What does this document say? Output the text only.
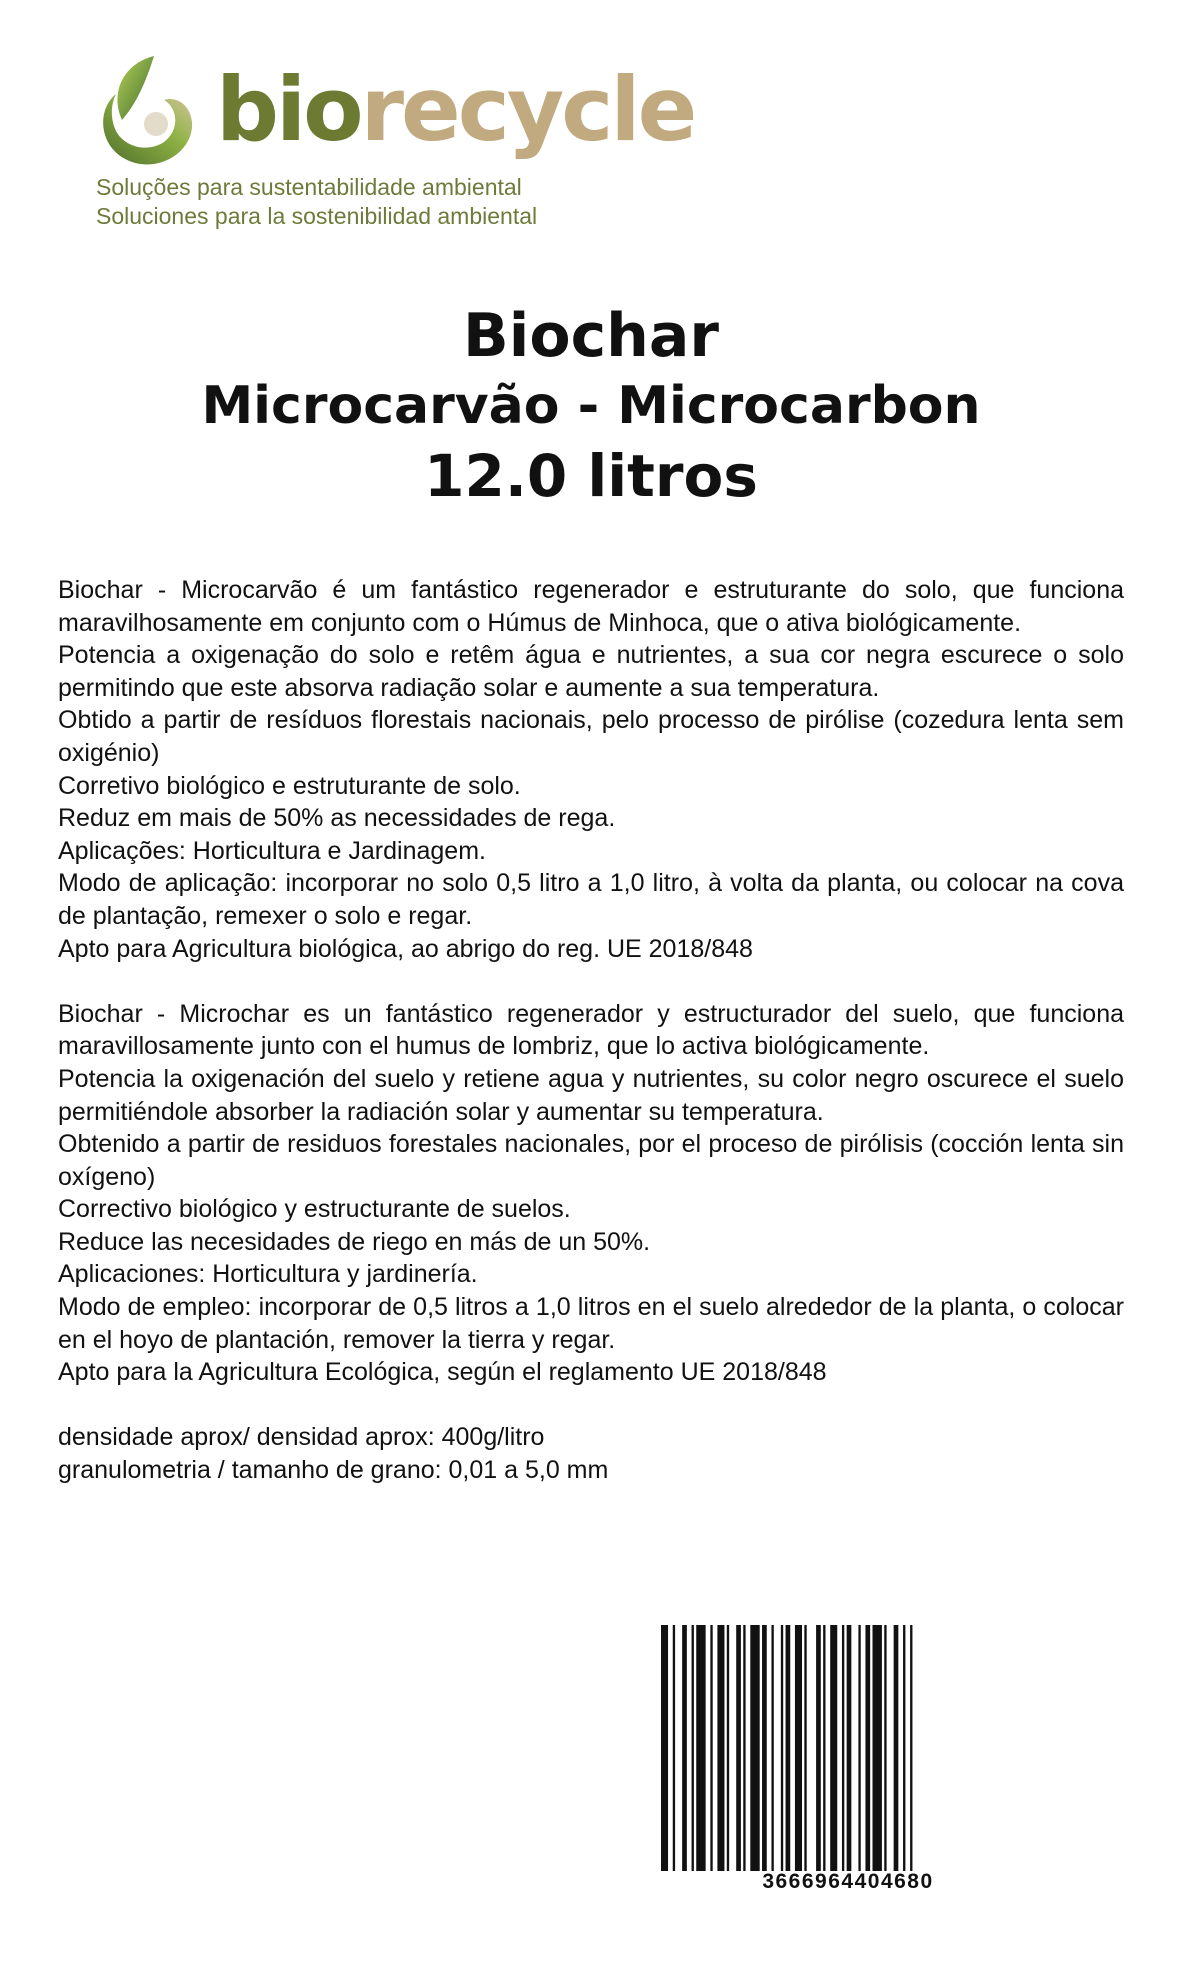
biorecycle
Soluções para sustentabilidade ambiental
Soluciones para la sostenibilidad ambiental
Biochar
Microcarvão - Microcarbon
12.0 litros

Biochar - Microcarvão é um fantástico regenerador e estruturante do solo, que funciona maravilhosamente em conjunto com o Húmus de Minhoca, que o ativa biológicamente.

Potencia a oxigenação do solo e retêm água e nutrientes, a sua cor negra escurece o solo permitindo que este absorva radiação solar e aumente a sua temperatura.

Obtido a partir de resíduos florestais nacionais, pelo processo de pirólise (cozedura lenta sem oxigénio)

Corretivo biológico e estruturante de solo.

Reduz em mais de 50% as necessidades de rega.

Aplicações: Horticultura e Jardinagem.

Modo de aplicação: incorporar no solo 0,5 litro a 1,0 litro, à volta da planta, ou colocar na cova de plantação, remexer o solo e regar.

Apto para Agricultura biológica, ao abrigo do reg. UE 2018/848

Biochar - Microchar es un fantástico regenerador y estructurador del suelo, que funciona maravillosamente junto con el humus de lombriz, que lo activa biológicamente.

Potencia la oxigenación del suelo y retiene agua y nutrientes, su color negro oscurece el suelo permitiéndole absorber la radiación solar y aumentar su temperatura.

Obtenido a partir de residuos forestales nacionales, por el proceso de pirólisis (cocción lenta sin oxígeno)

Correctivo biológico y estructurante de suelos.

Reduce las necesidades de riego en más de un 50%.

Aplicaciones: Horticultura y jardinería.

Modo de empleo: incorporar de 0,5 litros a 1,0 litros en el suelo alrededor de la planta, o colocar en el hoyo de plantación, remover la tierra y regar.

Apto para la Agricultura Ecológica, según el reglamento UE 2018/848

densidade aprox/ densidad aprox: 400g/litro

granulometria / tamanho de grano: 0,01 a 5,0 mm

3666964404680
